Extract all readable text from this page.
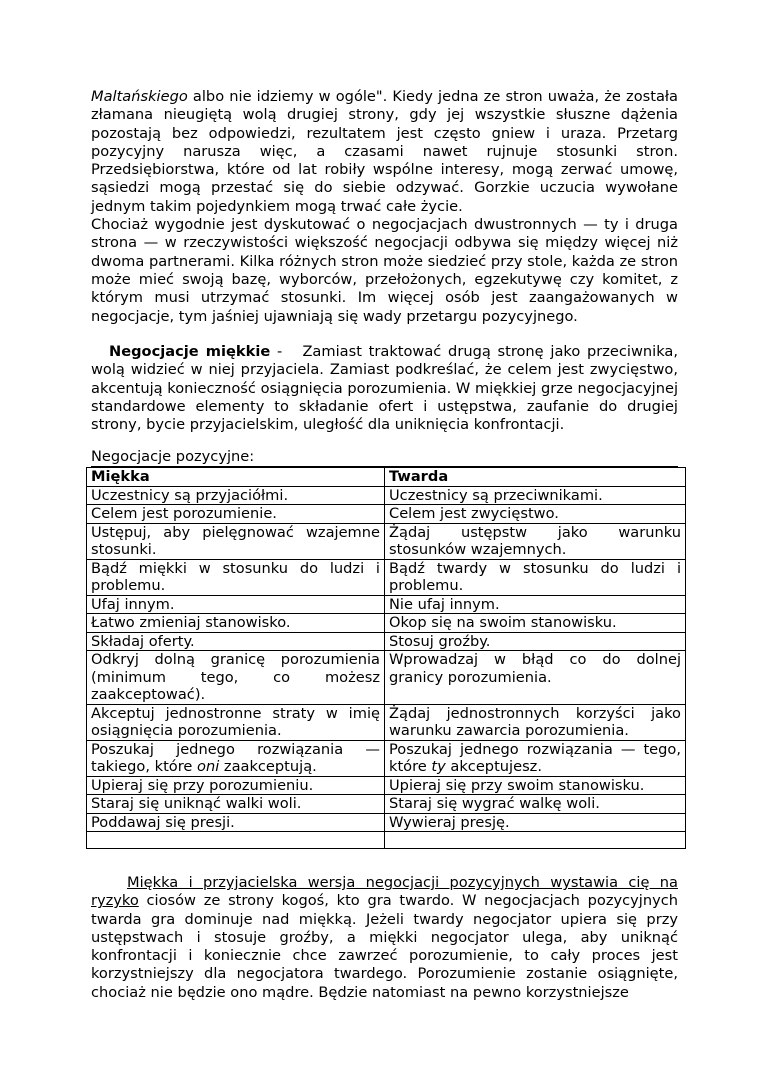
Maltańskiego albo nie idziemy w ogóle". Kiedy jedna ze stron uważa, że została złamana nieugiętą wolą drugiej strony, gdy jej wszystkie słuszne dążenia pozostają bez odpowiedzi, rezultatem jest często gniew i uraza. Przetarg pozycyjny narusza więc, a czasami nawet rujnuje stosunki stron. Przedsiębiorstwa, które od lat robiły wspólne interesy, mogą zerwać umowę, sąsiedzi mogą przestać się do siebie odzywać. Gorzkie uczucia wywołane jednym takim pojedynkiem mogą trwać całe życie.

Chociaż wygodnie jest dyskutować o negocjacjach dwustronnych — ty i druga strona — w rzeczywistości większość negocjacji odbywa się między więcej niż dwoma partnerami. Kilka różnych stron może siedzieć przy stole, każda ze stron może mieć swoją bazę, wyborców, przełożonych, egzekutywę czy komitet, z którym musi utrzymać stosunki. Im więcej osób jest zaangażowanych w negocjacje, tym jaśniej ujawniają się wady przetargu pozycyjnego.

Negocjacje miękkie -   Zamiast traktować drugą stronę jako przeciwnika, wolą widzieć w niej przyjaciela. Zamiast podkreślać, że celem jest zwycięstwo, akcentują konieczność osiągnięcia porozumienia. W miękkiej grze negocjacyjnej standardowe elementy to składanie ofert i ustępstwa, zaufanie do drugiej strony, bycie przyjacielskim, uległość dla uniknięcia konfrontacji.

Negocjacje pozycyjne:
Miękka	Twarda
Uczestnicy są przyjaciółmi.	Uczestnicy są przeciwnikami.
Celem jest porozumienie.	Celem jest zwycięstwo.
Ustępuj, aby pielęgnować wzajemne stosunki.	Żądaj ustępstw jako warunku stosunków wzajemnych.
Bądź miękki w stosunku do ludzi i problemu.	Bądź twardy w stosunku do ludzi i problemu.
Ufaj innym.	Nie ufaj innym.
Łatwo zmieniaj stanowisko.	Okop się na swoim stanowisku.
Składaj oferty.	Stosuj groźby.
Odkryj dolną granicę porozumienia (minimum tego, co możesz zaakceptować).	Wprowadzaj w błąd co do dolnej granicy porozumienia.
Akceptuj jednostronne straty w imię osiągnięcia porozumienia.	Żądaj jednostronnych korzyści jako warunku zawarcia porozumienia.
Poszukaj jednego rozwiązania — takiego, które oni zaakceptują.	Poszukaj jednego rozwiązania — tego, które ty akceptujesz.
Upieraj się przy porozumieniu.	Upieraj się przy swoim stanowisku.
Staraj się uniknąć walki woli.	Staraj się wygrać walkę woli.
Poddawaj się presji.	Wywieraj presję.

Miękka i przyjacielska wersja negocjacji pozycyjnych wystawia cię na ryzyko ciosów ze strony kogoś, kto gra twardo. W negocjacjach pozycyjnych twarda gra dominuje nad miękką. Jeżeli twardy negocjator upiera się przy ustępstwach i stosuje groźby, a miękki negocjator ulega, aby uniknąć konfrontacji i koniecznie chce zawrzeć porozumienie, to cały proces jest korzystniejszy dla negocjatora twardego. Porozumienie zostanie osiągnięte, chociaż nie będzie ono mądre. Będzie natomiast na pewno korzystniejsze
